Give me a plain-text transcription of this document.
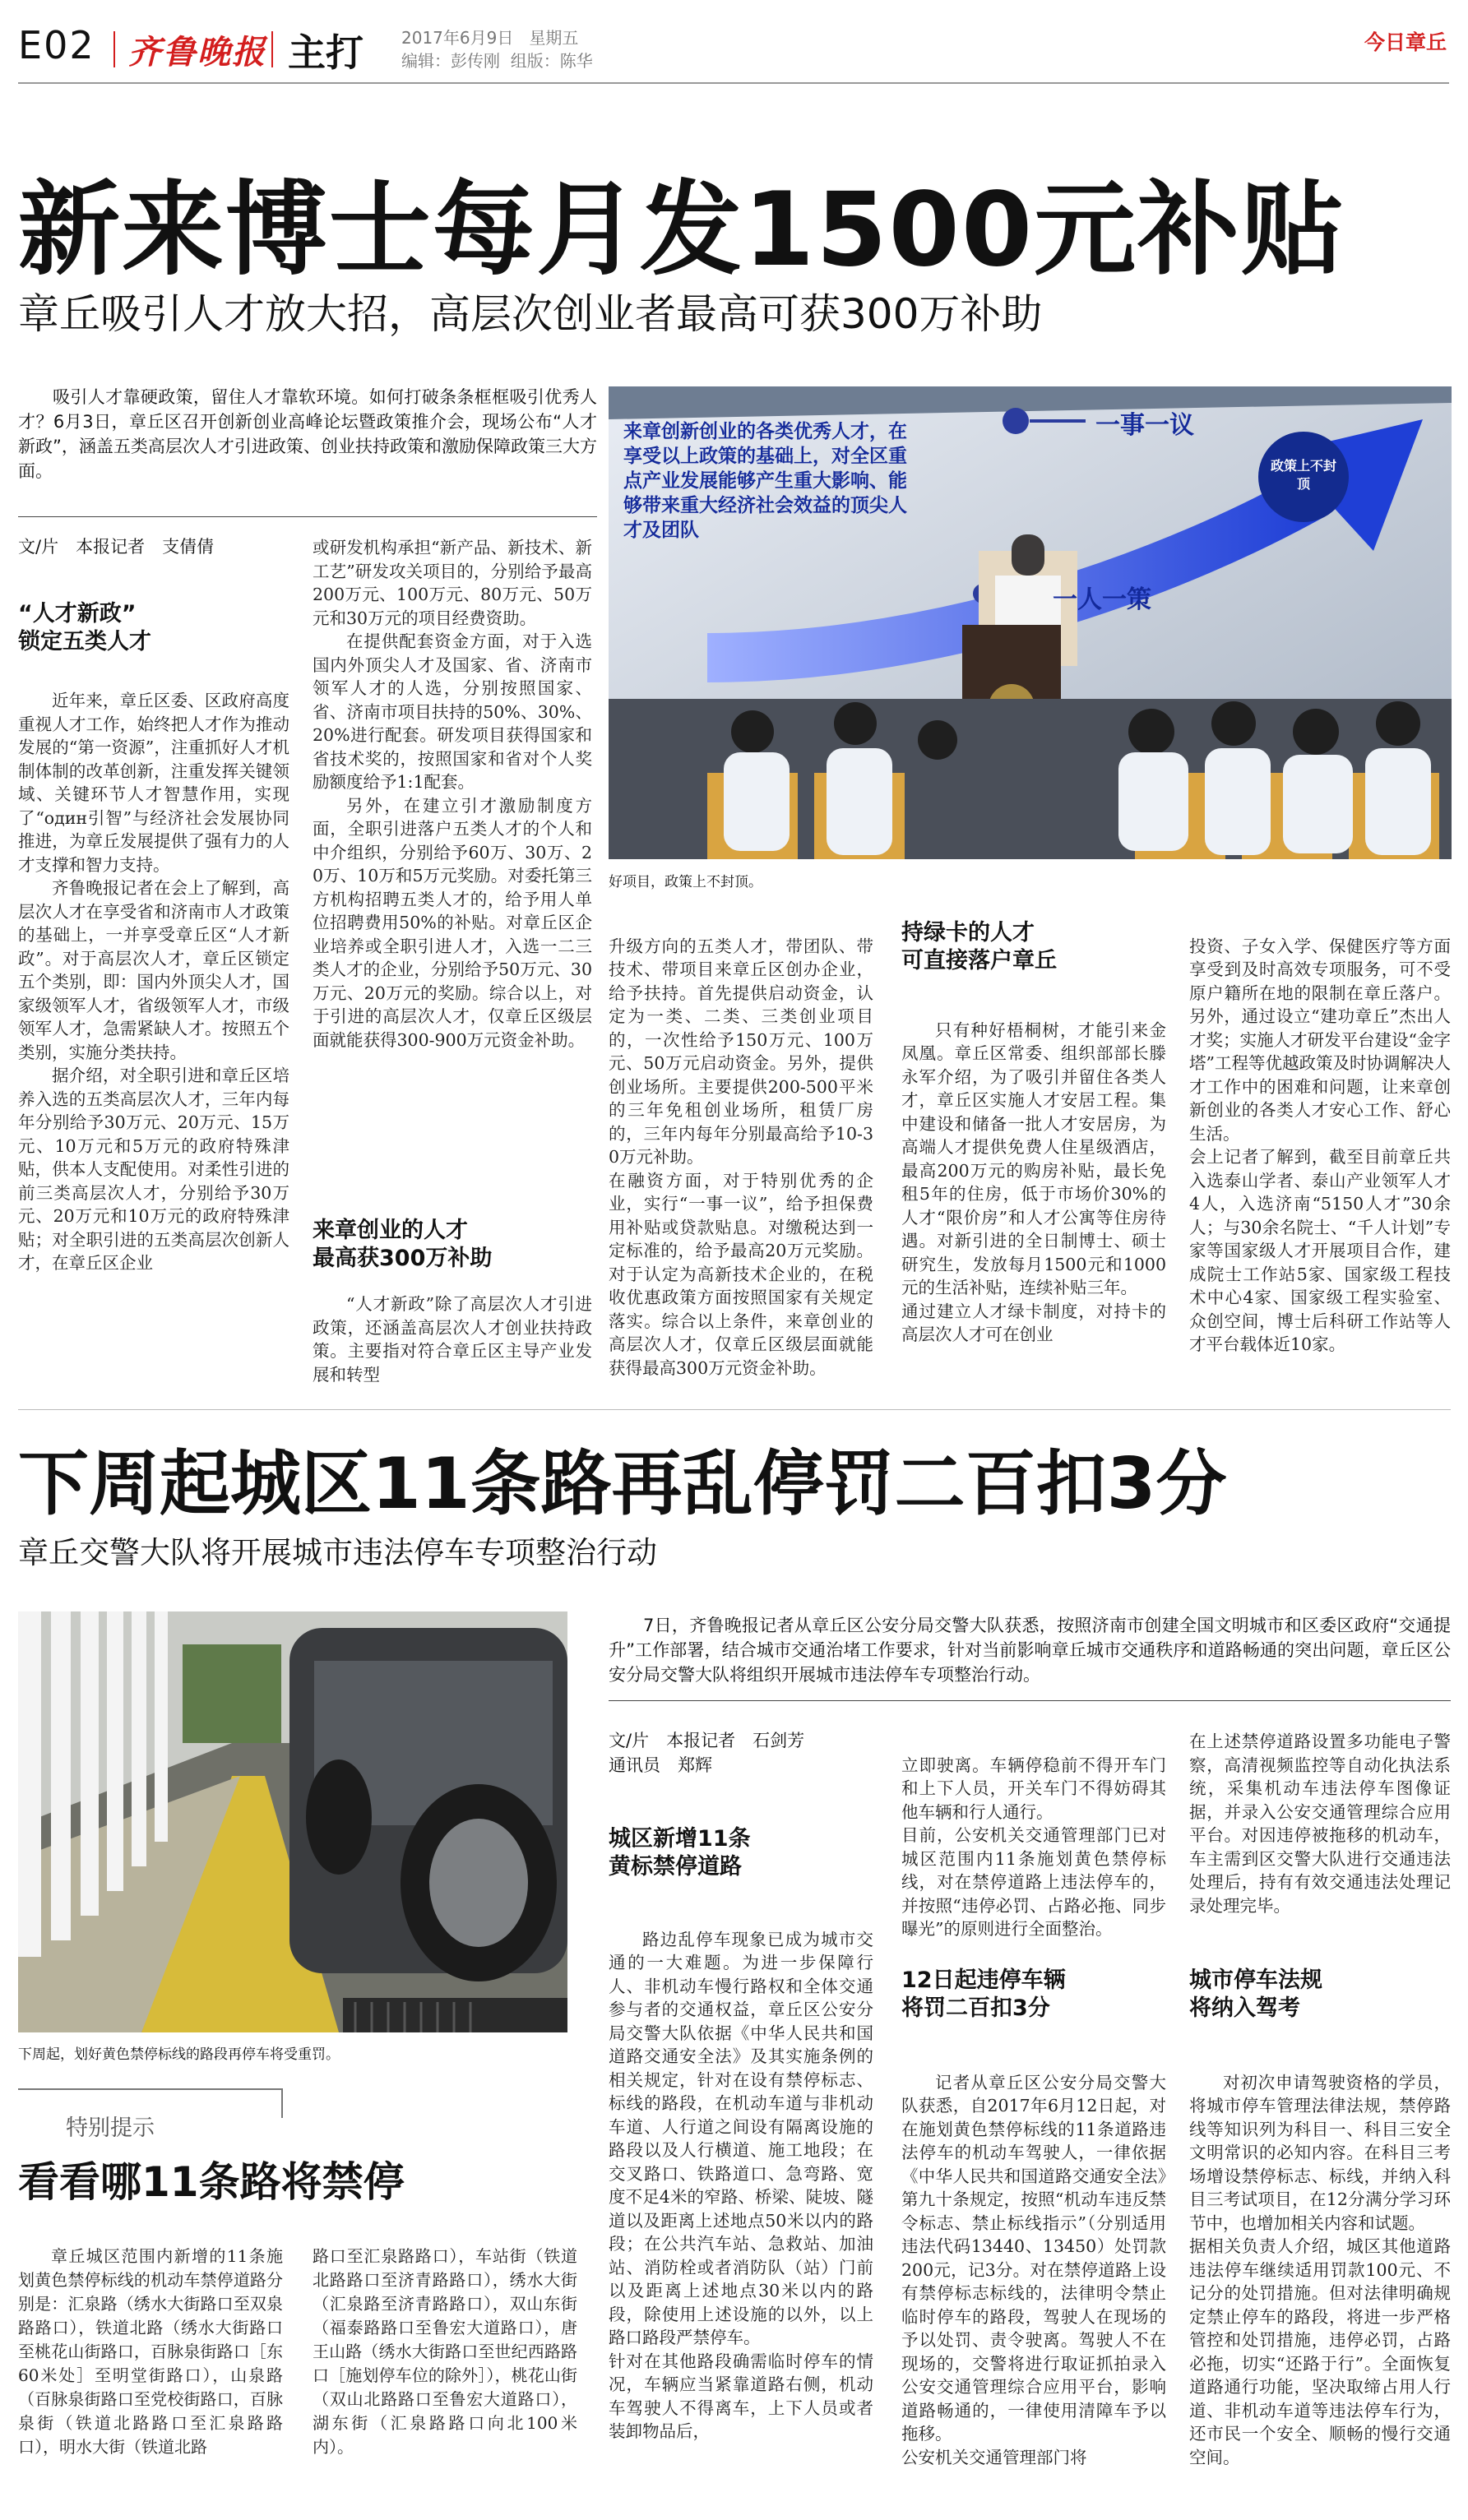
E02 齐鲁晚报 主打 2017年6月9日 星期五
编辑：彭传刚 组版：陈华
今日章丘
新来博士每月发1500元补贴
章丘吸引人才放大招，高层次创业者最高可获300万补助

吸引人才靠硬政策，留住人才靠软环境。如何打破条条框框吸引优秀人才？6月3日，章丘区召开创新创业高峰论坛暨政策推介会，现场公布“人才新政”，涵盖五类高层次人才引进政策、创业扶持政策和激励保障政策三大方面。

文/片　本报记者　支倩倩
来章创新创业的各类优秀人才，在享受以上政策的基础上，对全区重点产业发展能够产生重大影响、能够带来重大经济社会效益的顶尖人才及团队
一事一议
一人一策
政策上不封顶
好项目，政策上不封顶。
“人才新政”
锁定五类人才

近年来，章丘区委、区政府高度重视人才工作，始终把人才作为推动发展的“第一资源”，注重抓好人才机制体制的改革创新，注重发挥关键领域、关键环节人才智慧作用，实现了“один引智”与经济社会发展协同推进，为章丘发展提供了强有力的人才支撑和智力支持。

齐鲁晚报记者在会上了解到，高层次人才在享受省和济南市人才政策的基础上，一并享受章丘区“人才新政”。对于高层次人才，章丘区锁定五个类别，即：国内外顶尖人才，国家级领军人才，省级领军人才，市级领军人才，急需紧缺人才。按照五个类别，实施分类扶持。

据介绍，对全职引进和章丘区培养入选的五类高层次人才，三年内每年分别给予30万元、20万元、15万元、10万元和5万元的政府特殊津贴，供本人支配使用。对柔性引进的前三类高层次人才，分别给予30万元、20万元和10万元的政府特殊津贴；对全职引进的五类高层次创新人才，在章丘区企业

或研发机构承担“新产品、新技术、新工艺”研发攻关项目的，分别给予最高200万元、100万元、80万元、50万元和30万元的项目经费资助。

在提供配套资金方面，对于入选国内外顶尖人才及国家、省、济南市领军人才的人选，分别按照国家、省、济南市项目扶持的50%、30%、20%进行配套。研发项目获得国家和省技术奖的，按照国家和省对个人奖励额度给予1:1配套。

另外，在建立引才激励制度方面，全职引进落户五类人才的个人和中介组织，分别给予60万、30万、20万、10万和5万元奖励。对委托第三方机构招聘五类人才的，给予用人单位招聘费用50%的补贴。对章丘区企业培养或全职引进人才，入选一二三类人才的企业，分别给予50万元、30万元、20万元的奖励。综合以上，对于引进的高层次人才，仅章丘区级层面就能获得300-900万元资金补助。

来章创业的人才
最高获300万补助

“人才新政”除了高层次人才引进政策，还涵盖高层次人才创业扶持政策。主要指对符合章丘区主导产业发展和转型

升级方向的五类人才，带团队、带技术、带项目来章丘区创办企业，给予扶持。首先提供启动资金，认定为一类、二类、三类创业项目的，一次性给予150万元、100万元、50万元启动资金。另外，提供创业场所。主要提供200-500平米的三年免租创业场所，租赁厂房的，三年内每年分别最高给予10-30万元补助。
在融资方面，对于特别优秀的企业，实行“一事一议”，给予担保费用补贴或贷款贴息。对缴税达到一定标准的，给予最高20万元奖励。对于认定为高新技术企业的，在税收优惠政策方面按照国家有关规定落实。综合以上条件，来章创业的高层次人才，仅章丘区级层面就能获得最高300万元资金补助。

持绿卡的人才
可直接落户章丘

只有种好梧桐树，才能引来金凤凰。章丘区常委、组织部部长滕永军介绍，为了吸引并留住各类人才，章丘区实施人才安居工程。集中建设和储备一批人才安居房，为高端人才提供免费人住星级酒店，最高200万元的购房补贴，最长免租5年的住房，低于市场价30%的人才“限价房”和人才公寓等住房待遇。对新引进的全日制博士、硕士研究生，发放每月1500元和1000元的生活补贴，连续补贴三年。
通过建立人才绿卡制度，对持卡的高层次人才可在创业

投资、子女入学、保健医疗等方面享受到及时高效专项服务，可不受原户籍所在地的限制在章丘落户。另外，通过设立“建功章丘”杰出人才奖；实施人才研发平台建设“金字塔”工程等优越政策及时协调解决人才工作中的困难和问题，让来章创新创业的各类人才安心工作、舒心生活。
会上记者了解到，截至目前章丘共入选泰山学者、泰山产业领军人才4人，入选济南“5150人才”30余人；与30余名院士、“千人计划”专家等国家级人才开展项目合作，建成院士工作站5家、国家级工程技术中心4家、国家级工程实验室、众创空间，博士后科研工作站等人才平台载体近10家。

下周起城区11条路再乱停罚二百扣3分
章丘交警大队将开展城市违法停车专项整治行动
下周起，划好黄色禁停标线的路段再停车将受重罚。

7日，齐鲁晚报记者从章丘区公安分局交警大队获悉，按照济南市创建全国文明城市和区委区政府“交通提升”工作部署，结合城市交通治堵工作要求，针对当前影响章丘城市交通秩序和道路畅通的突出问题，章丘区公安分局交警大队将组织开展城市违法停车专项整治行动。

文/片　本报记者　石剑芳
通讯员　郑辉
城区新增11条
黄标禁停道路

路边乱停车现象已成为城市交通的一大难题。为进一步保障行人、非机动车慢行路权和全体交通参与者的交通权益，章丘区公安分局交警大队依据《中华人民共和国道路交通安全法》及其实施条例的相关规定，针对在设有禁停标志、标线的路段，在机动车道与非机动车道、人行道之间设有隔离设施的路段以及人行横道、施工地段；在交叉路口、铁路道口、急弯路、宽度不足4米的窄路、桥梁、陡坡、隧道以及距离上述地点50米以内的路段；在公共汽车站、急救站、加油站、消防栓或者消防队（站）门前以及距离上述地点30米以内的路段，除使用上述设施的以外，以上路口路段严禁停车。
针对在其他路段确需临时停车的情况，车辆应当紧靠道路右侧，机动车驾驶人不得离车，上下人员或者装卸物品后，

立即驶离。车辆停稳前不得开车门和上下人员，开关车门不得妨碍其他车辆和行人通行。
目前，公安机关交通管理部门已对城区范围内11条施划黄色禁停标线，对在禁停道路上违法停车的，并按照“违停必罚、占路必拖、同步曝光”的原则进行全面整治。

12日起违停车辆
将罚二百扣3分

记者从章丘区公安分局交警大队获悉，自2017年6月12日起，对在施划黄色禁停标线的11条道路违法停车的机动车驾驶人，一律依据《中华人民共和国道路交通安全法》第九十条规定，按照“机动车违反禁令标志、禁止标线指示”（分别适用违法代码13440、13450）处罚款200元，记3分。对在禁停道路上设有禁停标志标线的，法律明令禁止临时停车的路段，驾驶人在现场的予以处罚、责令驶离。驾驶人不在现场的，交警将进行取证抓拍录入公安交通管理综合应用平台，影响道路畅通的，一律使用清障车予以拖移。
公安机关交通管理部门将

在上述禁停道路设置多功能电子警察，高清视频监控等自动化执法系统，采集机动车违法停车图像证据，并录入公安交通管理综合应用平台。对因违停被拖移的机动车，车主需到区交警大队进行交通违法处理后，持有有效交通违法处理记录处理完毕。

城市停车法规
将纳入驾考

对初次申请驾驶资格的学员，将城市停车管理法律法规，禁停路线等知识列为科目一、科目三安全文明常识的必知内容。在科目三考场增设禁停标志、标线，并纳入科目三考试项目，在12分满分学习环节中，也增加相关内容和试题。
据相关负责人介绍，城区其他道路违法停车继续适用罚款100元、不记分的处罚措施。但对法律明确规定禁止停车的路段，将进一步严格管控和处罚措施，违停必罚，占路必拖，切实“还路于行”。全面恢复道路通行功能，坚决取缔占用人行道、非机动车道等违法停车行为，还市民一个安全、顺畅的慢行交通空间。

特别提示
看看哪11条路将禁停

章丘城区范围内新增的11条施划黄色禁停标线的机动车禁停道路分别是：汇泉路（绣水大街路口至双泉路路口），铁道北路（绣水大街路口至桃花山街路口，百脉泉街路口［东60米处］至明堂街路口），山泉路（百脉泉街路口至党校街路口，百脉泉街（铁道北路路口至汇泉路路口），明水大街（铁道北路

路口至汇泉路路口），车站街（铁道北路路口至济青路路口），绣水大街（汇泉路至济青路路口），双山东街（福泰路路口至鲁宏大道路口），唐王山路（绣水大街路口至世纪西路路口［施划停车位的除外］），桃花山街（双山北路路口至鲁宏大道路口），湖东街（汇泉路路口向北100米内）。
